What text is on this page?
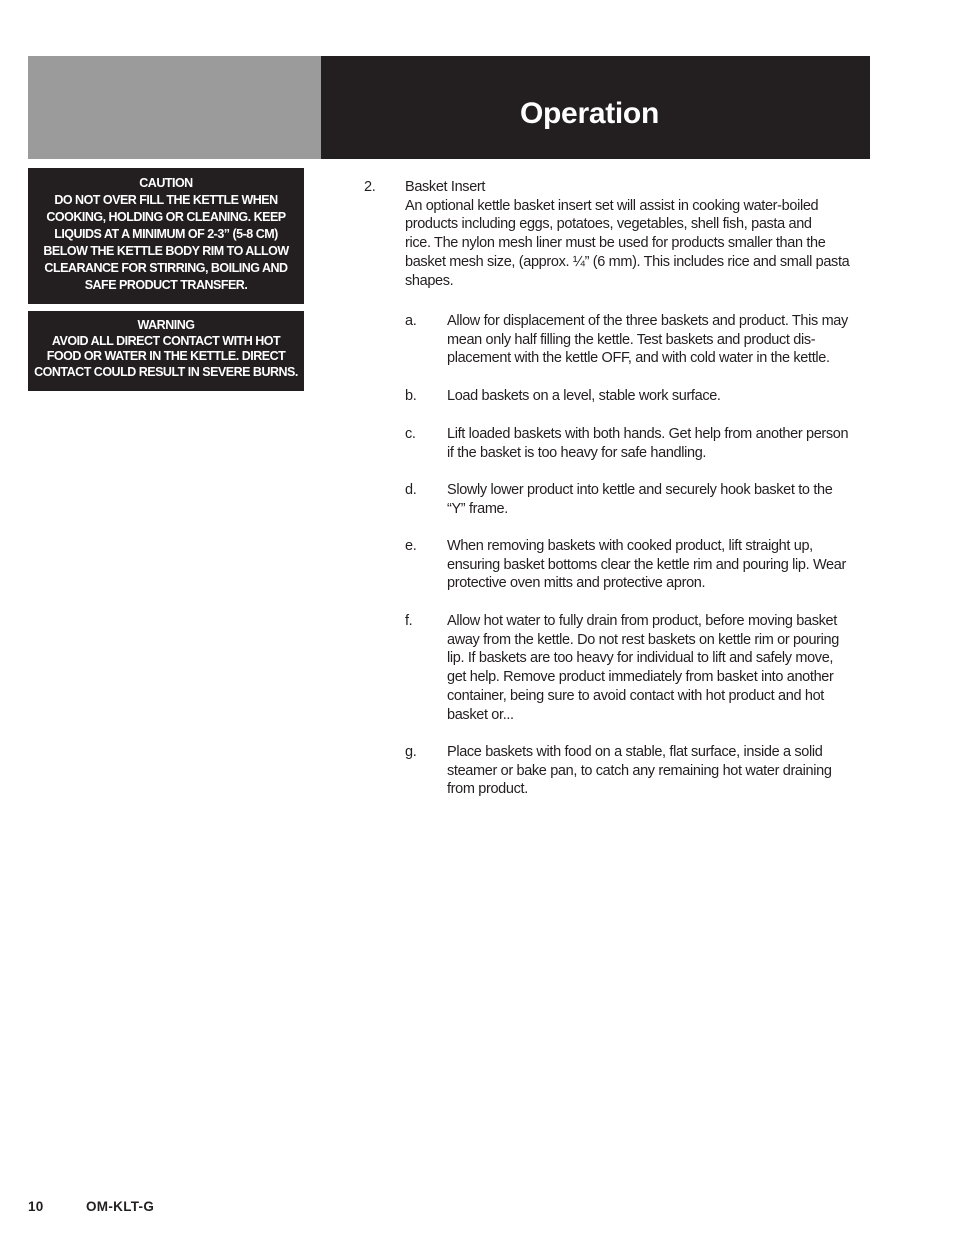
Operation
CAUTION
DO NOT OVER FILL THE KETTLE WHEN
COOKING, HOLDING OR CLEANING. KEEP
LIQUIDS AT A MINIMUM OF 2-3” (5-8 CM)
BELOW THE KETTLE BODY RIM TO ALLOW
CLEARANCE FOR STIRRING, BOILING AND
SAFE PRODUCT TRANSFER.
WARNING
AVOID ALL DIRECT CONTACT WITH HOT
FOOD OR WATER IN THE KETTLE. DIRECT
CONTACT COULD RESULT IN SEVERE BURNS.
2. Basket Insert
An optional kettle basket insert set will assist in cooking water-boiled
products including eggs, potatoes, vegetables, shell fish, pasta and
rice. The nylon mesh liner must be used for products smaller than the
basket mesh size, (approx. ¼” (6 mm). This includes rice and small pasta
shapes.
a. Allow for displacement of the three baskets and product. This may
mean only half filling the kettle. Test baskets and product dis-
placement with the kettle OFF, and with cold water in the kettle.
b. Load baskets on a level, stable work surface.
c. Lift loaded baskets with both hands. Get help from another person
if the basket is too heavy for safe handling.
d. Slowly lower product into kettle and securely hook basket to the
“Y” frame.
e. When removing baskets with cooked product, lift straight up,
ensuring basket bottoms clear the kettle rim and pouring lip. Wear
protective oven mitts and protective apron.
f. Allow hot water to fully drain from product, before moving basket
away from the kettle. Do not rest baskets on kettle rim or pouring
lip. If baskets are too heavy for individual to lift and safely move,
get help. Remove product immediately from basket into another
container, being sure to avoid contact with hot product and hot
basket or...
g. Place baskets with food on a stable, flat surface, inside a solid
steamer or bake pan, to catch any remaining hot water draining
from product.
10	OM-KLT-G
